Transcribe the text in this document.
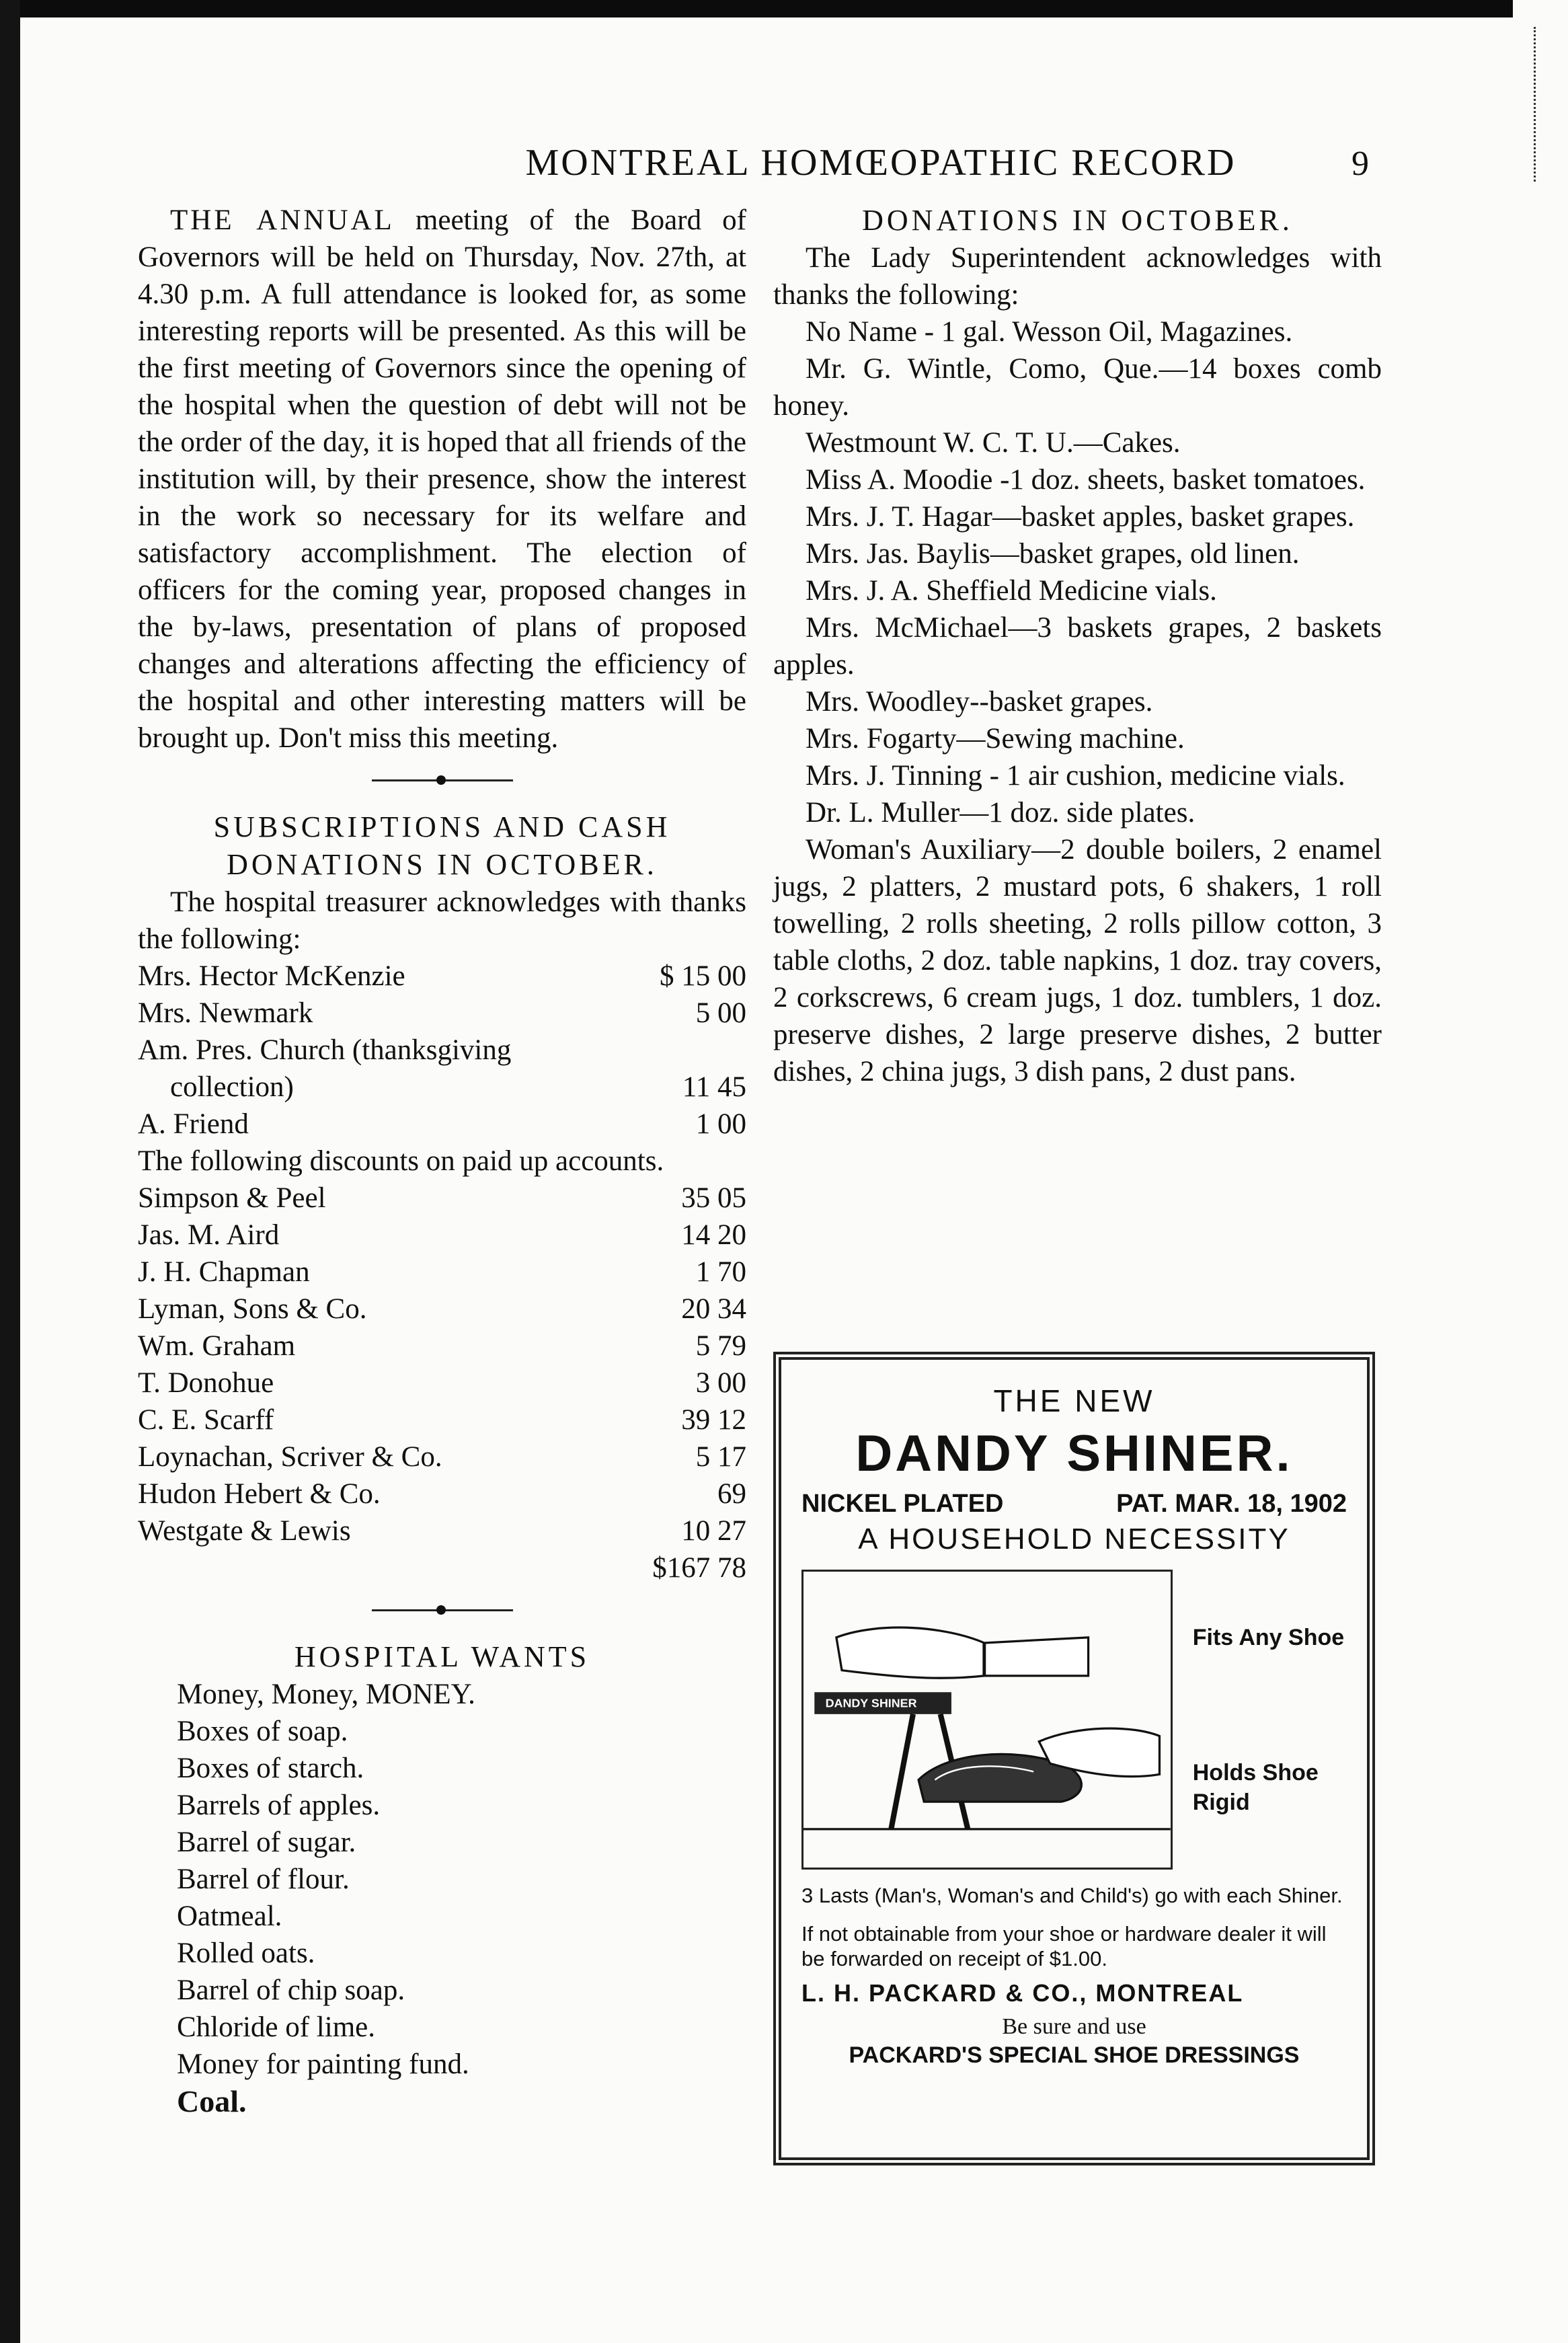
MONTREAL HOMŒOPATHIC RECORD	9

THE ANNUAL meeting of the Board of Governors will be held on Thursday, Nov. 27th, at 4.30 p.m. A full attendance is looked for, as some interesting reports will be presented. As this will be the first meeting of Governors since the opening of the hospital when the question of debt will not be the order of the day, it is hoped that all friends of the institution will, by their presence, show the interest in the work so necessary for its welfare and satisfactory accomplishment. The election of officers for the coming year, proposed changes in the by-laws, presentation of plans of proposed changes and alterations affecting the efficiency of the hospital and other interesting matters will be brought up. Don't miss this meeting.

SUBSCRIPTIONS AND CASH DONATIONS IN OCTOBER.

The hospital treasurer acknowledges with thanks the following:

Mrs. Hector McKenzie	$ 15 00
Mrs. Newmark	5 00
Am. Pres. Church (thanksgiving
collection)	11 45
A. Friend	1 00

The following discounts on paid up accounts.

Simpson & Peel	35 05
Jas. M. Aird	14 20
J. H. Chapman	1 70
Lyman, Sons & Co.	20 34
Wm. Graham	5 79
T. Donohue	3 00
C. E. Scarff	39 12
Loynachan, Scriver & Co.	5 17
Hudon Hebert & Co.	69
Westgate & Lewis	10 27

$167 78

HOSPITAL WANTS

Money, Money, MONEY.

Boxes of soap.

Boxes of starch.

Barrels of apples.

Barrel of sugar.

Barrel of flour.

Oatmeal.

Rolled oats.

Barrel of chip soap.

Chloride of lime.

Money for painting fund.

Coal.

DONATIONS IN OCTOBER.

The Lady Superintendent acknowledges with thanks the following:

No Name - 1 gal. Wesson Oil, Magazines.

Mr. G. Wintle, Como, Que.—14 boxes comb honey.

Westmount W. C. T. U.—Cakes.

Miss A. Moodie -1 doz. sheets, basket tomatoes.

Mrs. J. T. Hagar—basket apples, basket grapes.

Mrs. Jas. Baylis—basket grapes, old linen.

Mrs. J. A. Sheffield Medicine vials.

Mrs. McMichael—3 baskets grapes, 2 baskets apples.

Mrs. Woodley--basket grapes.

Mrs. Fogarty—Sewing machine.

Mrs. J. Tinning - 1 air cushion, medicine vials.

Dr. L. Muller—1 doz. side plates.

Woman's Auxiliary—2 double boilers, 2 enamel jugs, 2 platters, 2 mustard pots, 6 shakers, 1 roll towelling, 2 rolls sheeting, 2 rolls pillow cotton, 3 table cloths, 2 doz. table napkins, 1 doz. tray covers, 2 corkscrews, 6 cream jugs, 1 doz. tumblers, 1 doz. preserve dishes, 2 large preserve dishes, 2 butter dishes, 2 china jugs, 3 dish pans, 2 dust pans.

THE NEW
DANDY SHINER.
NICKEL PLATED	PAT. MAR. 18, 1902
A HOUSEHOLD NECESSITY
DANDY SHINER
Fits Any Shoe
Holds Shoe Rigid
3 Lasts (Man's, Woman's and Child's) go with each Shiner.
If not obtainable from your shoe or hardware dealer it will be forwarded on receipt of $1.00.
L. H. PACKARD & CO., MONTREAL
Be sure and use
PACKARD'S SPECIAL SHOE DRESSINGS
